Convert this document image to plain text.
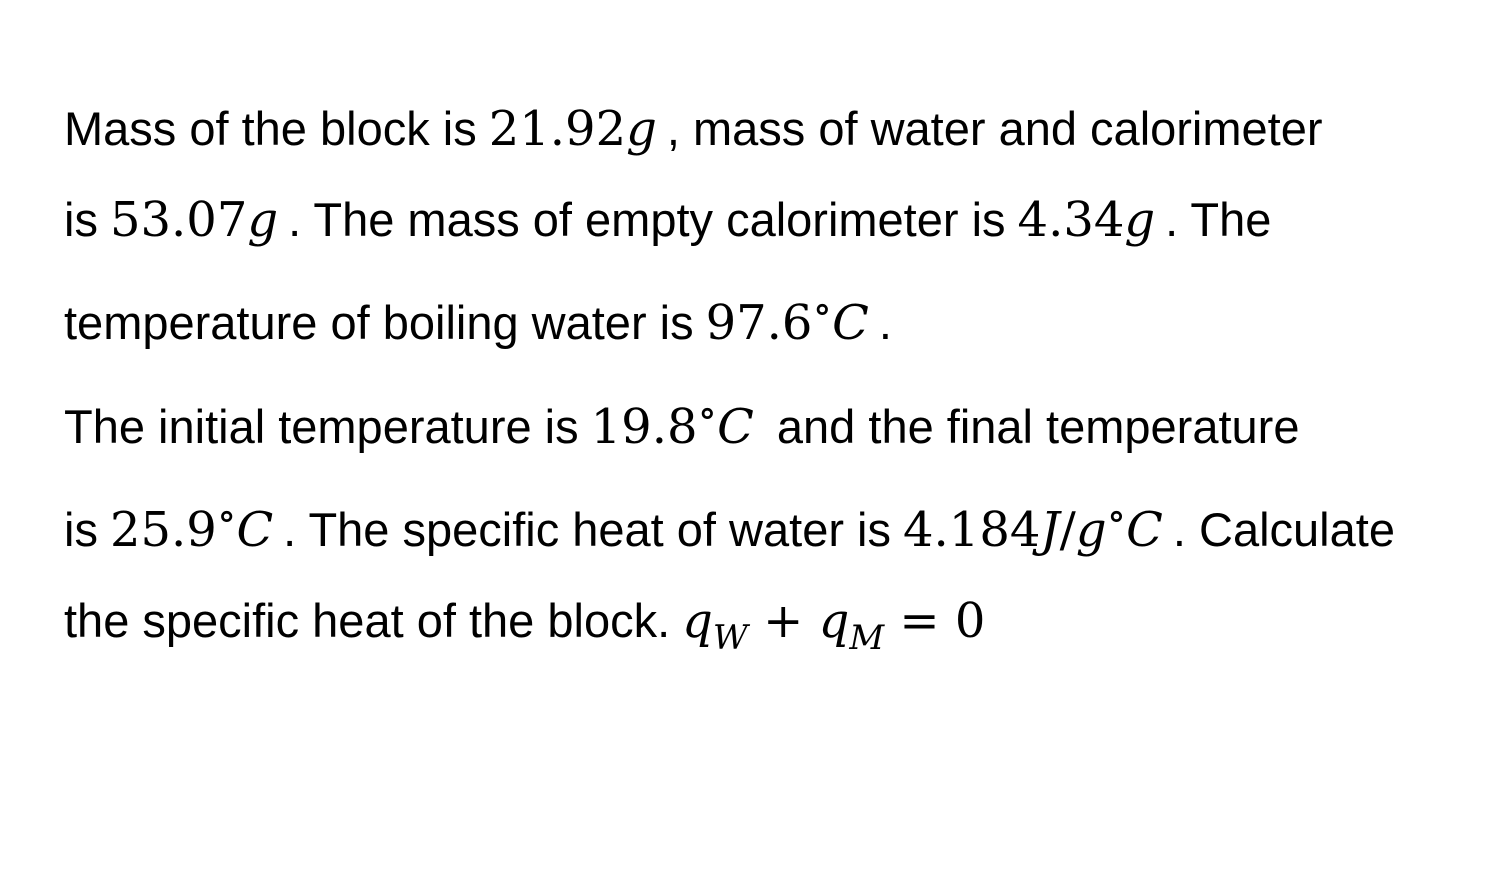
Mass of the block is 21.92g , mass of water and calorimeter is 53.07g . The mass of empty calorimeter is 4.34g . The temperature of boiling water is 97.6∘C .

The initial temperature is 19.8∘C and the final temperature is 25.9∘C . The specific heat of water is 4.184J/g∘C . Calculate the specific heat of the block. $q_W + q_M = 0$
